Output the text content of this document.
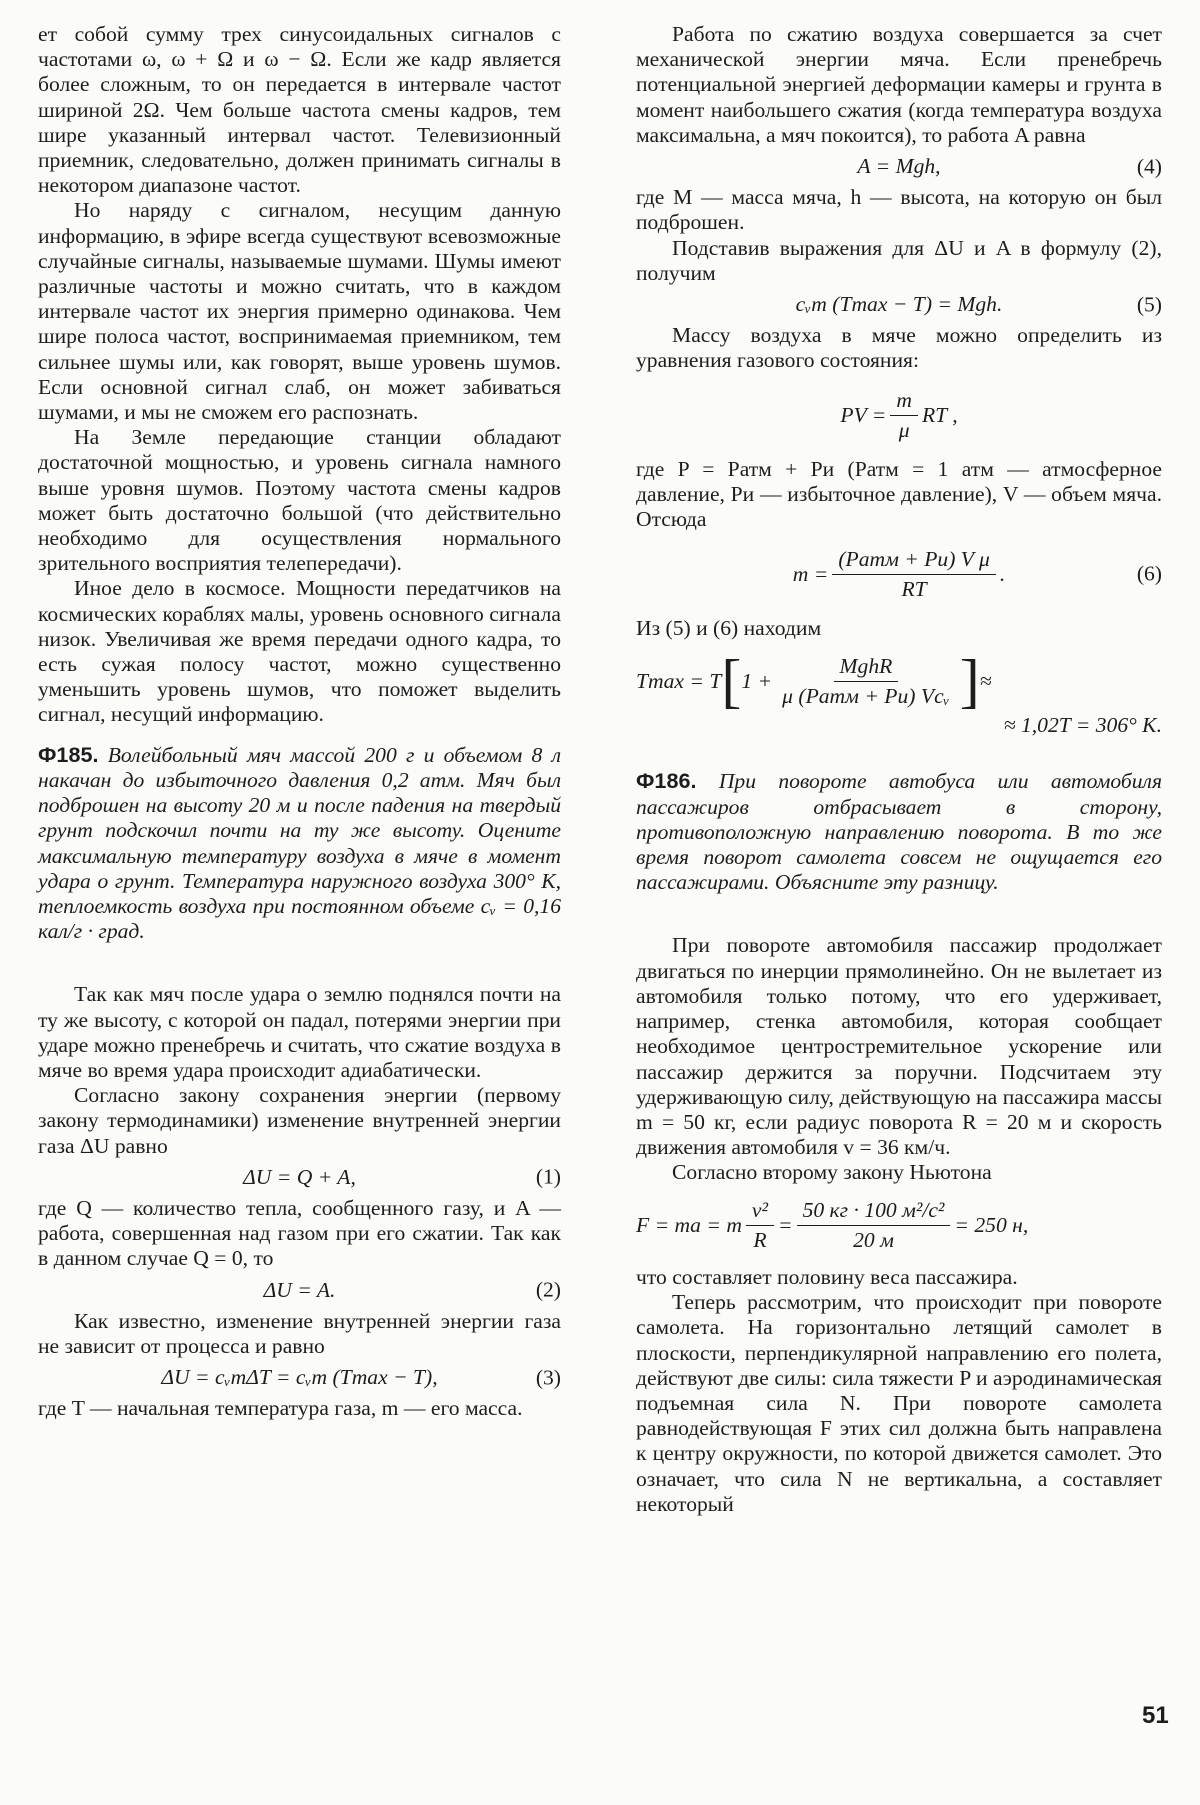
ет собой сумму трех синусоидальных сигналов с частотами ω, ω + Ω и ω − Ω. Если же кадр является более сложным, то он передается в интервале частот шириной 2Ω. Чем больше частота смены кадров, тем шире указанный интервал частот. Телевизионный приемник, следовательно, должен принимать сигналы в некотором диапазоне частот.

Но наряду с сигналом, несущим данную информацию, в эфире всегда существуют всевозможные случайные сигналы, называемые шумами. Шумы имеют различные частоты и можно считать, что в каждом интервале частот их энергия примерно одинакова. Чем шире полоса частот, воспринимаемая приемником, тем сильнее шумы или, как говорят, выше уровень шумов. Если основной сигнал слаб, он может забиваться шумами, и мы не сможем его распознать.

На Земле передающие станции обладают достаточной мощностью, и уровень сигнала намного выше уровня шумов. Поэтому частота смены кадров может быть достаточно большой (что действительно необходимо для осуществления нормального зрительного восприятия телепередачи).

Иное дело в космосе. Мощности передатчиков на космических кораблях малы, уровень основного сигнала низок. Увеличивая же время передачи одного кадра, то есть сужая полосу частот, можно существенно уменьшить уровень шумов, что поможет выделить сигнал, несущий информацию.

Ф185. Волейбольный мяч массой 200 г и объемом 8 л накачан до избыточного давления 0,2 атм. Мяч был подброшен на высоту 20 м и после падения на твердый грунт подскочил почти на ту же высоту. Оцените максимальную температуру воздуха в мяче в момент удара о грунт. Температура наружного воздуха 300° К, теплоемкость воздуха при постоянном объеме cᵥ = 0,16 кал/г · град.

Так как мяч после удара о землю поднялся почти на ту же высоту, с которой он падал, потерями энергии при ударе можно пренебречь и считать, что сжатие воздуха в мяче во время удара происходит адиабатически.

Согласно закону сохранения энергии (первому закону термодинамики) изменение внутренней энергии газа ΔU равно

ΔU = Q + A,	(1)

где Q — количество тепла, сообщенного газу, и A — работа, совершенная над газом при его сжатии. Так как в данном случае Q = 0, то

ΔU = A.	(2)

Как известно, изменение внутренней энергии газа не зависит от процесса и равно

ΔU = cᵥmΔT = cᵥm (Tmax − T),	(3)

где T — начальная температура газа, m — его масса.

Работа по сжатию воздуха совершается за счет механической энергии мяча. Если пренебречь потенциальной энергией деформации камеры и грунта в момент наибольшего сжатия (когда температура воздуха максимальна, а мяч покоится), то работа A равна

A = Mgh,	(4)

где M — масса мяча, h — высота, на которую он был подброшен.

Подставив выражения для ΔU и A в формулу (2), получим

cᵥm (Tmax − T) = Mgh.	(5)

Массу воздуха в мяче можно определить из уравнения газового состояния:

PV = $\frac{m}{\mu}$ RT ,

где P = Pатм + Pи (Pатм = 1 атм — атмосферное давление, Pи — избыточное давление), V — объем мяча. Отсюда

$m = \frac{\text{(Pатм + Pи) V μ}}{RT}$ .	(6)

Из (5) и (6) находим

Tmax = T [ $1 + \frac{\text{MghR}}{\text{μ (Pатм + Pи) Vcᵥ}}$ ] ≈

≈ 1,02T = 306° K.

Ф186. При повороте автобуса или автомобиля пассажиров отбрасывает в сторону, противоположную направлению поворота. В то же время поворот самолета совсем не ощущается его пассажирами. Объясните эту разницу.

При повороте автомобиля пассажир продолжает двигаться по инерции прямолинейно. Он не вылетает из автомобиля только потому, что его удерживает, например, стенка автомобиля, которая сообщает необходимое центростремительное ускорение или пассажир держится за поручни. Подсчитаем эту удерживающую силу, действующую на пассажира массы m = 50 кг, если радиус поворота R = 20 м и скорость движения автомобиля v = 36 км/ч.

Согласно второму закону Ньютона

F = ma = m $\frac{\text{v²}}{R} = \frac{\text{50 кг · 100 м²/с²}}{20 м} = 250$ н,

что составляет половину веса пассажира.

Теперь рассмотрим, что происходит при повороте самолета. На горизонтально летящий самолет в плоскости, перпендикулярной направлению его полета, действуют две силы: сила тяжести P и аэродинамическая подъемная сила N. При повороте самолета равнодействующая F этих сил должна быть направлена к центру окружности, по которой движется самолет. Это означает, что сила N не вертикальна, а составляет некоторый

51
